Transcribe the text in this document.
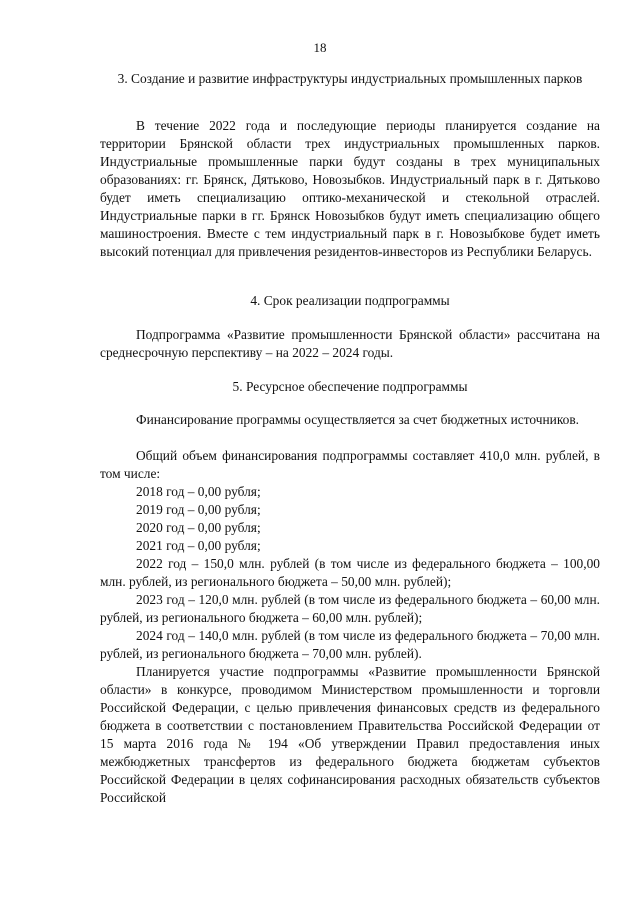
18
3. Создание и развитие инфраструктуры индустриальных промышленных парков
В течение 2022 года и последующие периоды планируется создание на территории Брянской области трех индустриальных промышленных парков. Индустриальные промышленные парки будут созданы в трех муниципальных образованиях: гг. Брянск, Дятьково, Новозыбков. Индустриальный парк в г. Дятьково будет иметь специализацию оптико-механической и стекольной отраслей. Индустриальные парки в гг. Брянск Новозыбков будут иметь специализацию общего машиностроения. Вместе с тем индустриальный парк в г. Новозыбкове будет иметь высокий потенциал для привлечения резидентов-инвесторов из Республики Беларусь.
4. Срок реализации подпрограммы
Подпрограмма «Развитие промышленности Брянской области» рассчитана на среднесрочную перспективу – на 2022 – 2024 годы.
5. Ресурсное обеспечение подпрограммы
Финансирование программы осуществляется за счет бюджетных источников.
Общий объем финансирования подпрограммы составляет 410,0 млн. рублей, в том числе:
2018 год – 0,00 рубля;
2019 год – 0,00 рубля;
2020 год – 0,00 рубля;
2021 год – 0,00 рубля;
2022 год – 150,0 млн. рублей (в том числе из федерального бюджета – 100,00 млн. рублей, из регионального бюджета – 50,00 млн. рублей);
2023 год – 120,0 млн. рублей (в том числе из федерального бюджета – 60,00 млн. рублей, из регионального бюджета – 60,00 млн. рублей);
2024 год – 140,0 млн. рублей (в том числе из федерального бюджета – 70,00 млн. рублей, из регионального бюджета – 70,00 млн. рублей).
Планируется участие подпрограммы «Развитие промышленности Брянской области» в конкурсе, проводимом Министерством промышленности и торговли Российской Федерации, с целью привлечения финансовых средств из федерального бюджета в соответствии с постановлением Правительства Российской Федерации от 15 марта 2016 года № 194 «Об утверждении Правил предоставления иных межбюджетных трансфертов из федерального бюджета бюджетам субъектов Российской Федерации в целях софинансирования расходных обязательств субъектов Российской
